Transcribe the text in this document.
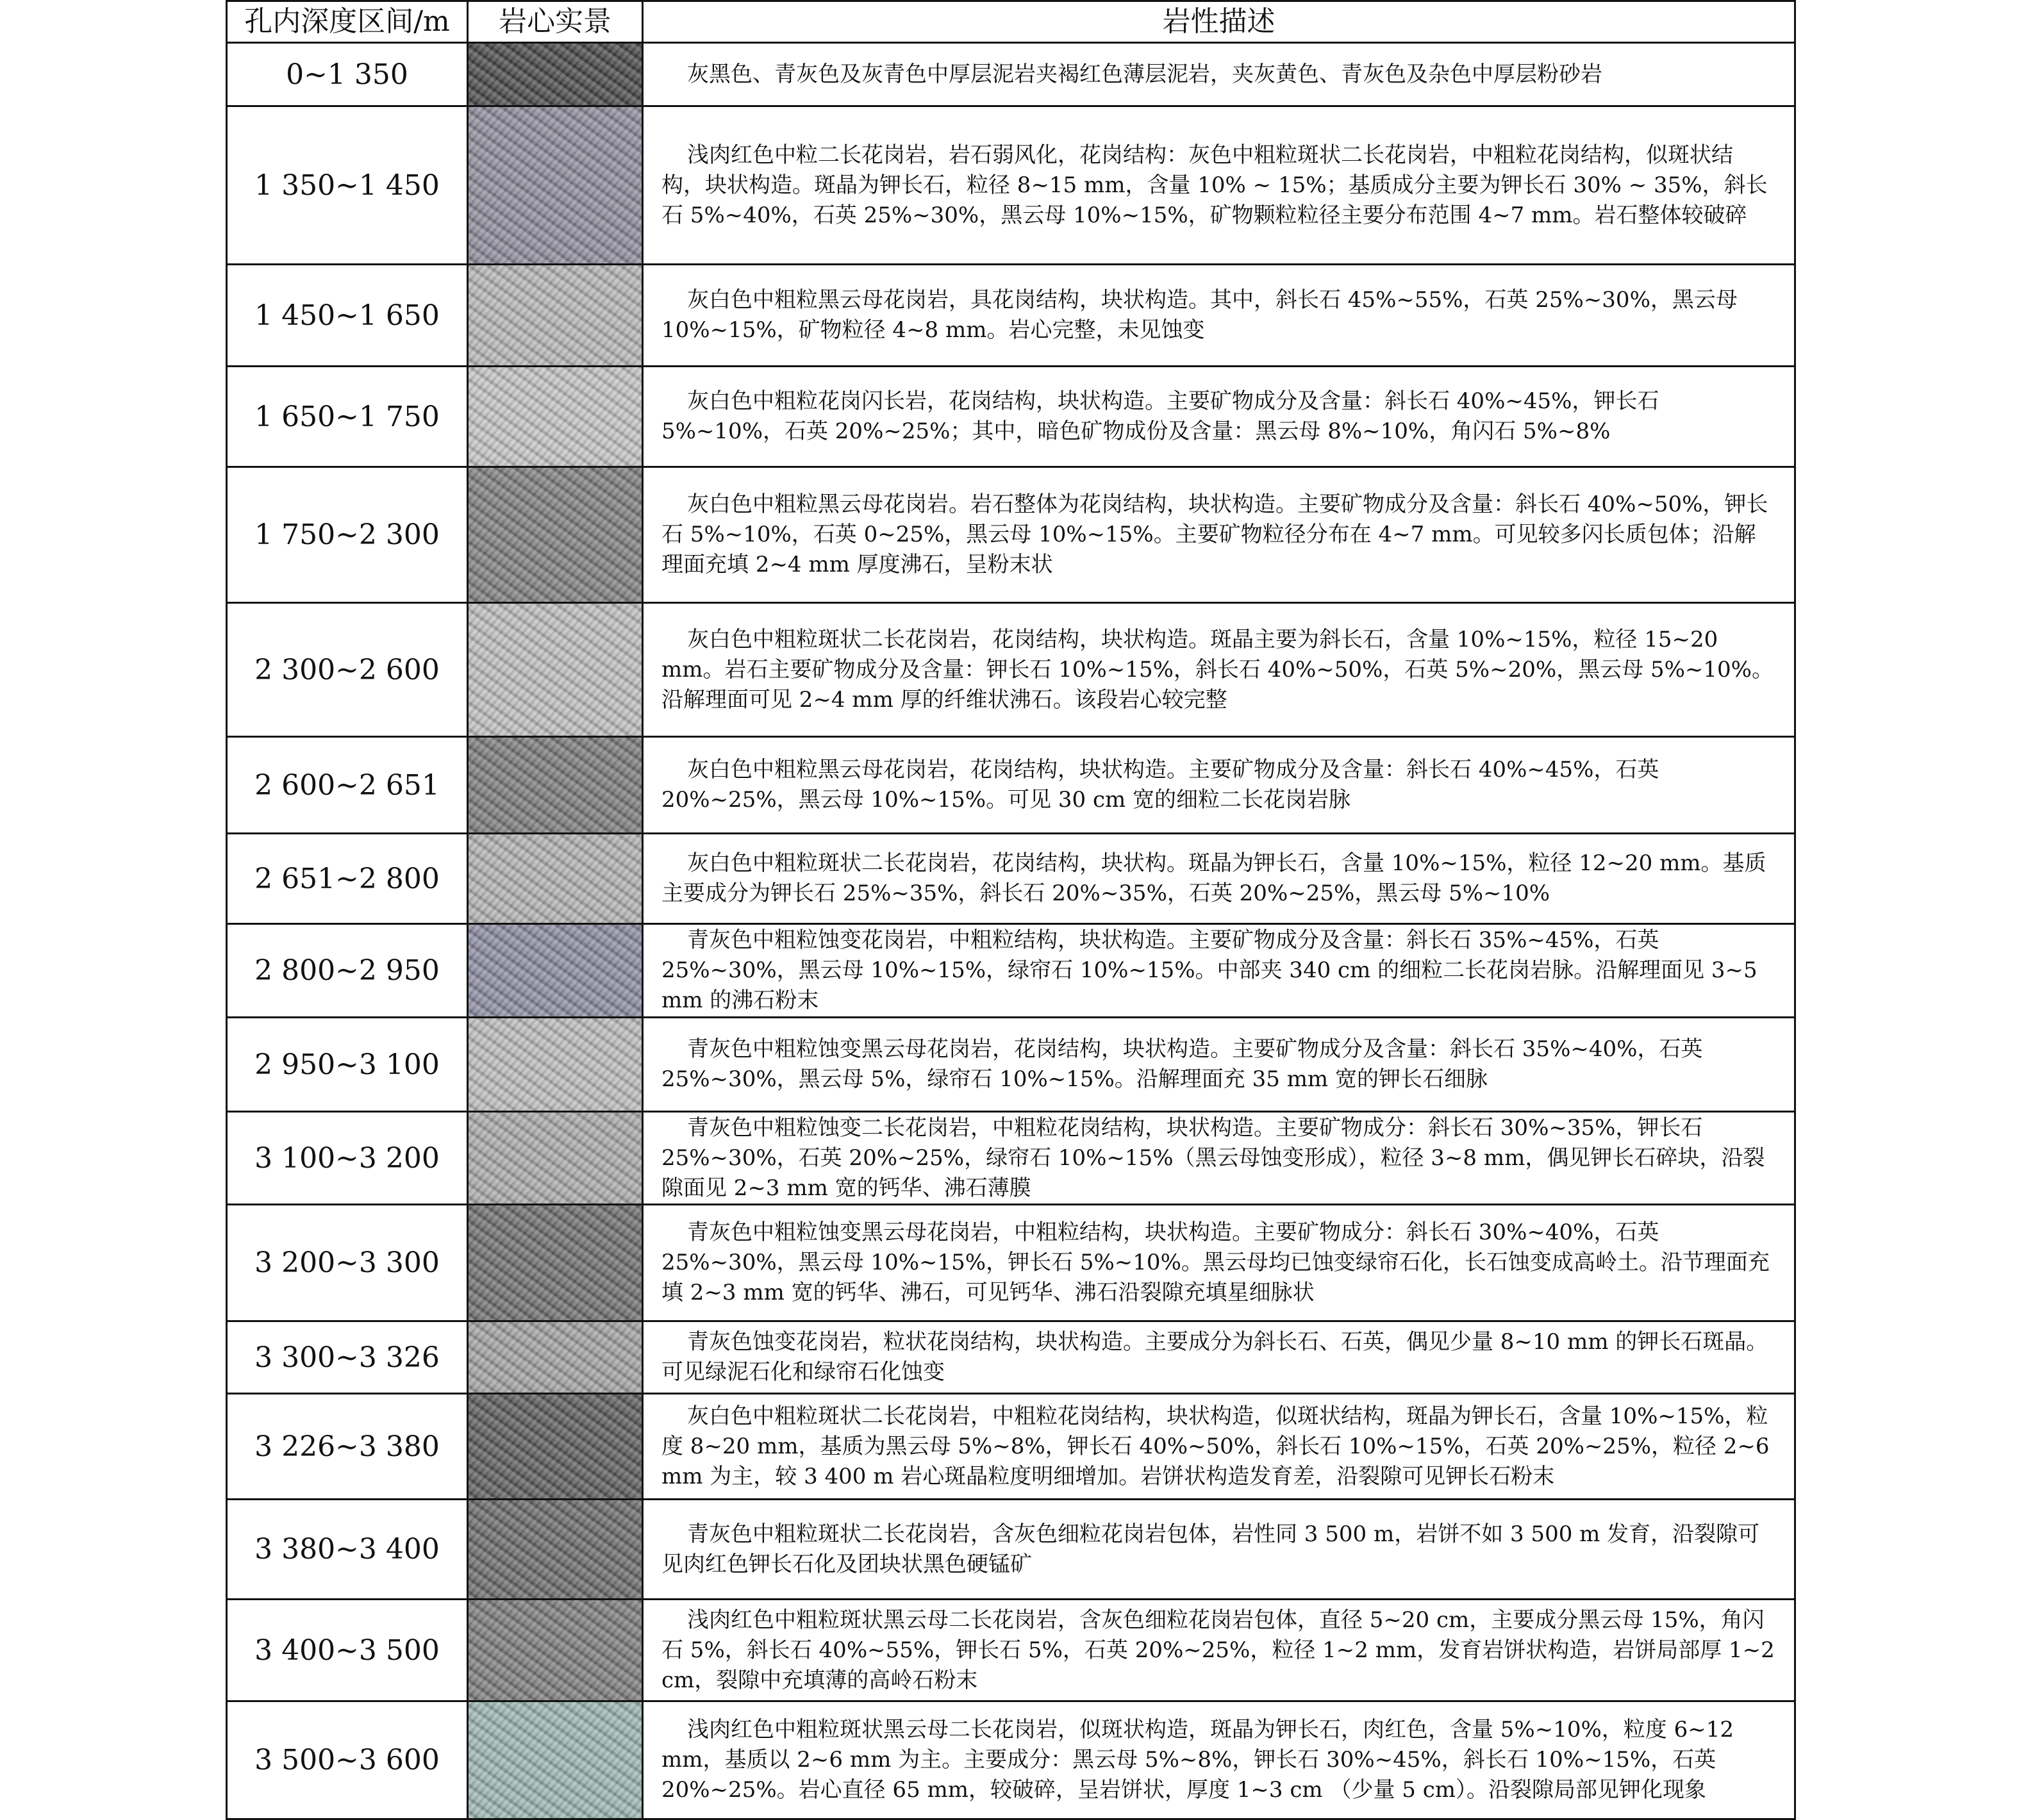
孔内深度区间/m	岩心实景	岩性描述
0~1 350		灰黑色、青灰色及灰青色中厚层泥岩夹褐红色薄层泥岩，夹灰黄色、青灰色及杂色中厚层粉砂岩

1 350~1 450		浅肉红色中粒二长花岗岩，岩石弱风化，花岗结构：灰色中粗粒斑状二长花岗岩，中粗粒花岗结构，似斑状结构，块状构造。斑晶为钾长石，粒径 8~15 mm，含量 10% ~ 15%；基质成分主要为钾长石 30% ~ 35%，斜长石 5%~40%，石英 25%~30%，黑云母 10%~15%，矿物颗粒粒径主要分布范围 4~7 mm。岩石整体较破碎

1 450~1 650		灰白色中粗粒黑云母花岗岩，具花岗结构，块状构造。其中，斜长石 45%~55%，石英 25%~30%，黑云母 10%~15%，矿物粒径 4~8 mm。岩心完整，未见蚀变

1 650~1 750		灰白色中粗粒花岗闪长岩，花岗结构，块状构造。主要矿物成分及含量：斜长石 40%~45%，钾长石 5%~10%，石英 20%~25%；其中，暗色矿物成份及含量：黑云母 8%~10%，角闪石 5%~8%

1 750~2 300		灰白色中粗粒黑云母花岗岩。岩石整体为花岗结构，块状构造。主要矿物成分及含量：斜长石 40%~50%，钾长石 5%~10%，石英 0~25%，黑云母 10%~15%。主要矿物粒径分布在 4~7 mm。可见较多闪长质包体；沿解理面充填 2~4 mm 厚度沸石，呈粉末状

2 300~2 600		灰白色中粗粒斑状二长花岗岩，花岗结构，块状构造。斑晶主要为斜长石，含量 10%~15%，粒径 15~20 mm。岩石主要矿物成分及含量：钾长石 10%~15%，斜长石 40%~50%，石英 5%~20%，黑云母 5%~10%。沿解理面可见 2~4 mm 厚的纤维状沸石。该段岩心较完整

2 600~2 651		灰白色中粗粒黑云母花岗岩，花岗结构，块状构造。主要矿物成分及含量：斜长石 40%~45%，石英 20%~25%，黑云母 10%~15%。可见 30 cm 宽的细粒二长花岗岩脉

2 651~2 800		灰白色中粗粒斑状二长花岗岩，花岗结构，块状构。斑晶为钾长石，含量 10%~15%，粒径 12~20 mm。基质主要成分为钾长石 25%~35%，斜长石 20%~35%，石英 20%~25%，黑云母 5%~10%

2 800~2 950		青灰色中粗粒蚀变花岗岩，中粗粒结构，块状构造。主要矿物成分及含量：斜长石 35%~45%，石英25%~30%，黑云母 10%~15%，绿帘石 10%~15%。中部夹 340 cm 的细粒二长花岗岩脉。沿解理面见 3~5 mm 的沸石粉末

2 950~3 100		青灰色中粗粒蚀变黑云母花岗岩，花岗结构，块状构造。主要矿物成分及含量：斜长石 35%~40%，石英 25%~30%，黑云母 5%，绿帘石 10%~15%。沿解理面充 35 mm 宽的钾长石细脉

3 100~3 200		青灰色中粗粒蚀变二长花岗岩，中粗粒花岗结构，块状构造。主要矿物成分：斜长石 30%~35%，钾长石 25%~30%，石英 20%~25%，绿帘石 10%~15%（黑云母蚀变形成），粒径 3~8 mm，偶见钾长石碎块，沿裂隙面见 2~3 mm 宽的钙华、沸石薄膜

3 200~3 300		青灰色中粗粒蚀变黑云母花岗岩，中粗粒结构，块状构造。主要矿物成分：斜长石 30%~40%，石英 25%~30%，黑云母 10%~15%，钾长石 5%~10%。黑云母均已蚀变绿帘石化，长石蚀变成高岭土。沿节理面充填 2~3 mm 宽的钙华、沸石，可见钙华、沸石沿裂隙充填星细脉状

3 300~3 326		青灰色蚀变花岗岩，粒状花岗结构，块状构造。主要成分为斜长石、石英，偶见少量 8~10 mm 的钾长石斑晶。可见绿泥石化和绿帘石化蚀变

3 226~3 380		灰白色中粗粒斑状二长花岗岩，中粗粒花岗结构，块状构造，似斑状结构，斑晶为钾长石，含量 10%~15%，粒度 8~20 mm，基质为黑云母 5%~8%，钾长石 40%~50%，斜长石 10%~15%，石英 20%~25%，粒径 2~6 mm 为主，较 3 400 m 岩心斑晶粒度明细增加。岩饼状构造发育差，沿裂隙可见钾长石粉末

3 380~3 400		青灰色中粗粒斑状二长花岗岩，含灰色细粒花岗岩包体，岩性同 3 500 m，岩饼不如 3 500 m 发育，沿裂隙可见肉红色钾长石化及团块状黑色硬锰矿

3 400~3 500		浅肉红色中粗粒斑状黑云母二长花岗岩，含灰色细粒花岗岩包体，直径 5~20 cm，主要成分黑云母 15%，角闪石 5%，斜长石 40%~55%，钾长石 5%，石英 20%~25%，粒径 1~2 mm，发育岩饼状构造，岩饼局部厚 1~2 cm，裂隙中充填薄的高岭石粉末

3 500~3 600		浅肉红色中粗粒斑状黑云母二长花岗岩，似斑状构造，斑晶为钾长石，肉红色，含量 5%~10%，粒度 6~12 mm，基质以 2~6 mm 为主。主要成分：黑云母 5%~8%，钾长石 30%~45%，斜长石 10%~15%，石英 20%~25%。岩心直径 65 mm，较破碎，呈岩饼状，厚度 1~3 cm （少量 5 cm）。沿裂隙局部见钾化现象
